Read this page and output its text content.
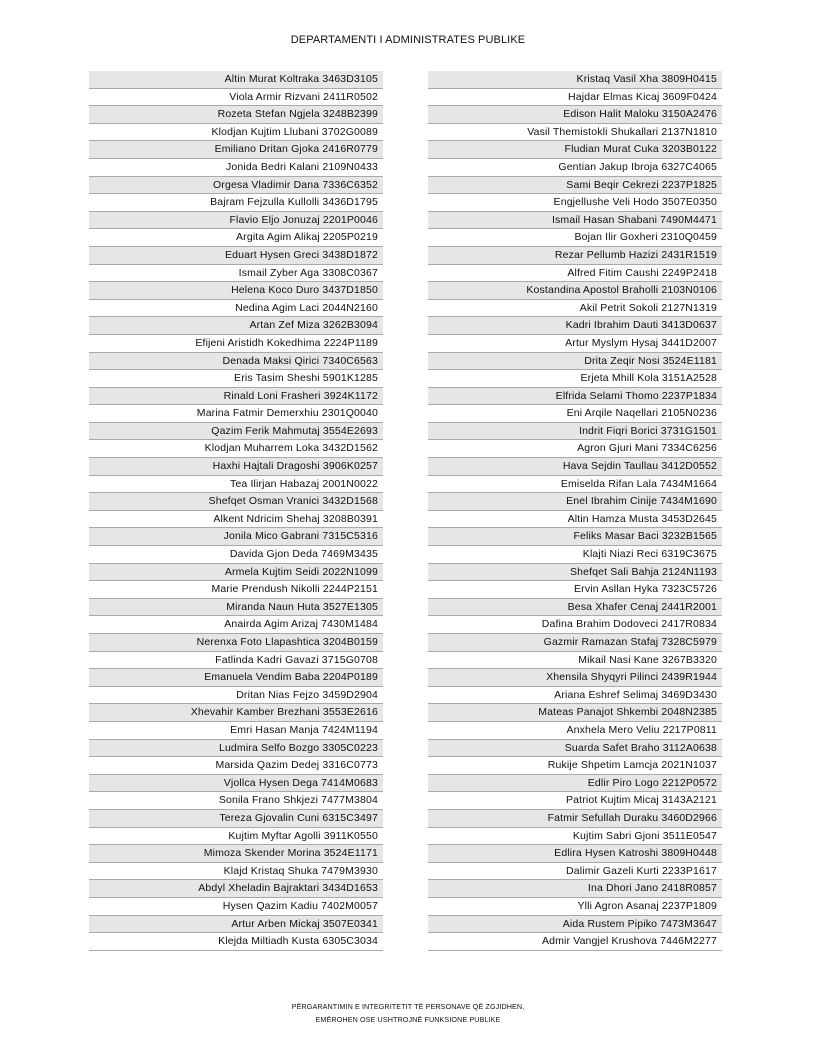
DEPARTAMENTI I ADMINISTRATES PUBLIKE
Altin Murat Koltraka 3463D3105
Viola Armir Rizvani 2411R0502
Rozeta Stefan Ngjela 3248B2399
Klodjan Kujtim Llubani 3702G0089
Emiliano Dritan Gjoka 2416R0779
Jonida Bedri Kalani 2109N0433
Orgesa Vladimir Dana 7336C6352
Bajram Fejzulla Kullolli 3436D1795
Flavio Eljo Jonuzaj 2201P0046
Argita Agim Alikaj 2205P0219
Eduart Hysen Greci 3438D1872
Ismail Zyber Aga 3308C0367
Helena Koco Duro 3437D1850
Nedina Agim Laci 2044N2160
Artan Zef Miza 3262B3094
Efijeni Aristidh Kokedhima 2224P1189
Denada Maksi Qirici 7340C6563
Eris Tasim Sheshi 5901K1285
Rinald Loni Frasheri 3924K1172
Marina Fatmir Demerxhiu 2301Q0040
Qazim Ferik Mahmutaj 3554E2693
Klodjan Muharrem Loka 3432D1562
Haxhi Hajtali Dragoshi 3906K0257
Tea Ilirjan Habazaj 2001N0022
Shefqet Osman Vranici 3432D1568
Alkent Ndricim Shehaj 3208B0391
Jonila Mico Gabrani 7315C5316
Davida Gjon Deda 7469M3435
Armela Kujtim Seidi 2022N1099
Marie Prendush Nikolli 2244P2151
Miranda Naun Huta 3527E1305
Anairda Agim Arizaj 7430M1484
Nerenxa Foto Llapashtica 3204B0159
Fatlinda Kadri Gavazi 3715G0708
Emanuela Vendim Baba 2204P0189
Dritan Nias Fejzo 3459D2904
Xhevahir Kamber Brezhani 3553E2616
Emri Hasan Manja 7424M1194
Ludmira Selfo Bozgo 3305C0223
Marsida Qazim Dedej 3316C0773
Vjollca Hysen Dega 7414M0683
Sonila Frano Shkjezi 7477M3804
Tereza Gjovalin Cuni 6315C3497
Kujtim Myftar Agolli 3911K0550
Mimoza Skender Morina 3524E1171
Klajd Kristaq Shuka 7479M3930
Abdyl Xheladin Bajraktari 3434D1653
Hysen Qazim Kadiu 7402M0057
Artur Arben Mickaj 3507E0341
Klejda Miltiadh Kusta 6305C3034
Kristaq Vasil Xha 3809H0415
Hajdar Elmas Kicaj 3609F0424
Edison Halit Maloku 3150A2476
Vasil Themistokli Shukallari 2137N1810
Fludian Murat Cuka 3203B0122
Gentian Jakup Ibroja 6327C4065
Sami Beqir Cekrezi 2237P1825
Engjellushe Veli Hodo 3507E0350
Ismail Hasan Shabani 7490M4471
Bojan Ilir Goxheri 2310Q0459
Rezar Pellumb Hazizi 2431R1519
Alfred Fitim Caushi 2249P2418
Kostandina Apostol Braholli 2103N0106
Akil Petrit Sokoli 2127N1319
Kadri Ibrahim Dauti 3413D0637
Artur Myslym Hysaj 3441D2007
Drita Zeqir Nosi 3524E1181
Erjeta Mhill Kola 3151A2528
Elfrida Selami Thomo 2237P1834
Eni Arqile Naqellari 2105N0236
Indrit Fiqri Borici 3731G1501
Agron Gjuri Mani 7334C6256
Hava Sejdin Taullau 3412D0552
Emiselda Rifan Lala 7434M1664
Enel Ibrahim Cinije 7434M1690
Altin Hamza Musta 3453D2645
Feliks Masar Baci 3232B1565
Klajti Niazi Reci 6319C3675
Shefqet Sali Bahja 2124N1193
Ervin Asllan Hyka 7323C5726
Besa Xhafer Cenaj 2441R2001
Dafina Brahim Dodoveci 2417R0834
Gazmir Ramazan Stafaj 7328C5979
Mikail Nasi Kane 3267B3320
Xhensila Shyqyri Pilinci 2439R1944
Ariana Eshref Selimaj 3469D3430
Mateas Panajot Shkembi 2048N2385
Anxhela Mero Veliu 2217P0811
Suarda Safet Braho 3112A0638
Rukije Shpetim Lamcja 2021N1037
Edlir Piro Logo 2212P0572
Patriot Kujtim Micaj 3143A2121
Fatmir Sefullah Duraku 3460D2966
Kujtim Sabri Gjoni 3511E0547
Edlira Hysen Katroshi 3809H0448
Dalimir Gazeli Kurti 2233P1617
Ina Dhori Jano 2418R0857
Ylli Agron Asanaj 2237P1809
Aida Rustem Pipiko 7473M3647
Admir Vangjel Krushova 7446M2277
PËRGARANTIMIN E INTEGRITETIT TË PERSONAVE QË ZGJIDHEN,
EMËROHEN OSE USHTROJNË FUNKSIONE PUBLIKE
